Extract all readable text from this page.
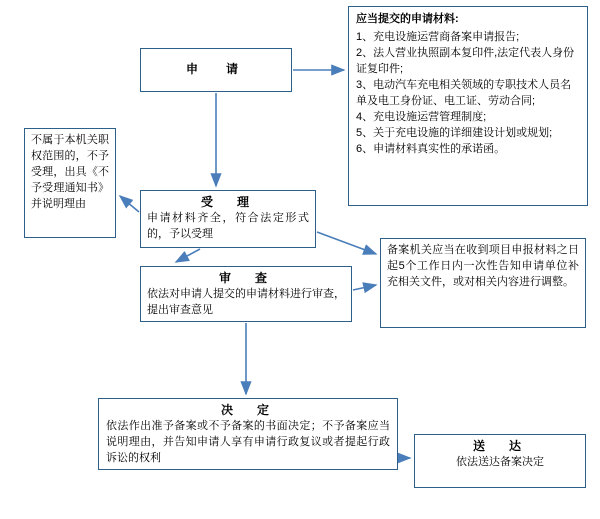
应当提交的申请材料:
1、充电设施运营商备案申请报告;
2、法人营业执照副本复印件,法定代表人身份证复印件;
3、电动汽车充电相关领域的专职技术人员名单及电工身份证、电工证、劳动合同;
4、充电设施运营管理制度;
5、关于充电设施的详细建设计划或规划;
6、申请材料真实性的承诺函。
申　请
不属于本机关职权范围的，不予受理，出具《不予受理通知书》并说明理由	受　理
申请材料齐全，符合法定形式的，予以受理
审　查
依法对申请人提交的申请材料进行审查，提出审查意见
备案机关应当在收到项目申报材料之日起5个工作日内一次性告知申请单位补充相关文件，或对相关内容进行调整。
决　定
依法作出准予备案或不予备案的书面决定；不予备案应当说明理由，并告知申请人享有申请行政复议或者提起行政诉讼的权利
送　达
依法送达备案决定
